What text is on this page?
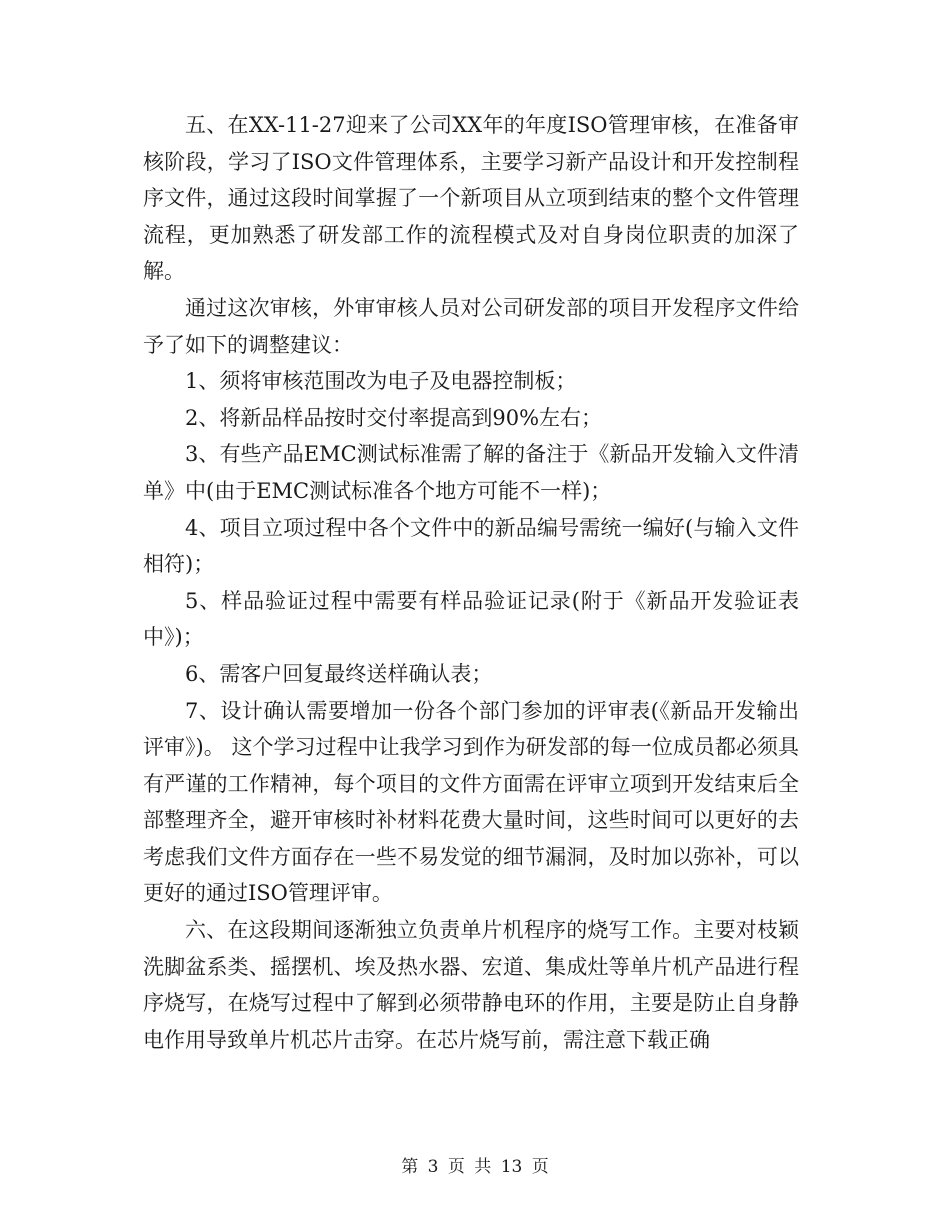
五、在XX-11-27迎来了公司XX年的年度ISO管理审核，在准备审核阶段，学习了ISO文件管理体系，主要学习新产品设计和开发控制程序文件，通过这段时间掌握了一个新项目从立项到结束的整个文件管理流程，更加熟悉了研发部工作的流程模式及对自身岗位职责的加深了解。

通过这次审核，外审审核人员对公司研发部的项目开发程序文件给予了如下的调整建议：

1、须将审核范围改为电子及电器控制板；

2、将新品样品按时交付率提高到90%左右；

3、有些产品EMC测试标准需了解的备注于《新品开发输入文件清单》中(由于EMC测试标准各个地方可能不一样)；

4、项目立项过程中各个文件中的新品编号需统一编好(与输入文件相符)；

5、样品验证过程中需要有样品验证记录(附于《新品开发验证表中》)；

6、需客户回复最终送样确认表；

7、设计确认需要增加一份各个部门参加的评审表(《新品开发输出评审》)。 这个学习过程中让我学习到作为研发部的每一位成员都必须具有严谨的工作精神，每个项目的文件方面需在评审立项到开发结束后全部整理齐全，避开审核时补材料花费大量时间，这些时间可以更好的去考虑我们文件方面存在一些不易发觉的细节漏洞，及时加以弥补，可以更好的通过ISO管理评审。

六、在这段期间逐渐独立负责单片机程序的烧写工作。主要对枝颖洗脚盆系类、摇摆机、埃及热水器、宏道、集成灶等单片机产品进行程序烧写，在烧写过程中了解到必须带静电环的作用，主要是防止自身静电作用导致单片机芯片击穿。在芯片烧写前，需注意下载正确

第 3 页 共 13 页
